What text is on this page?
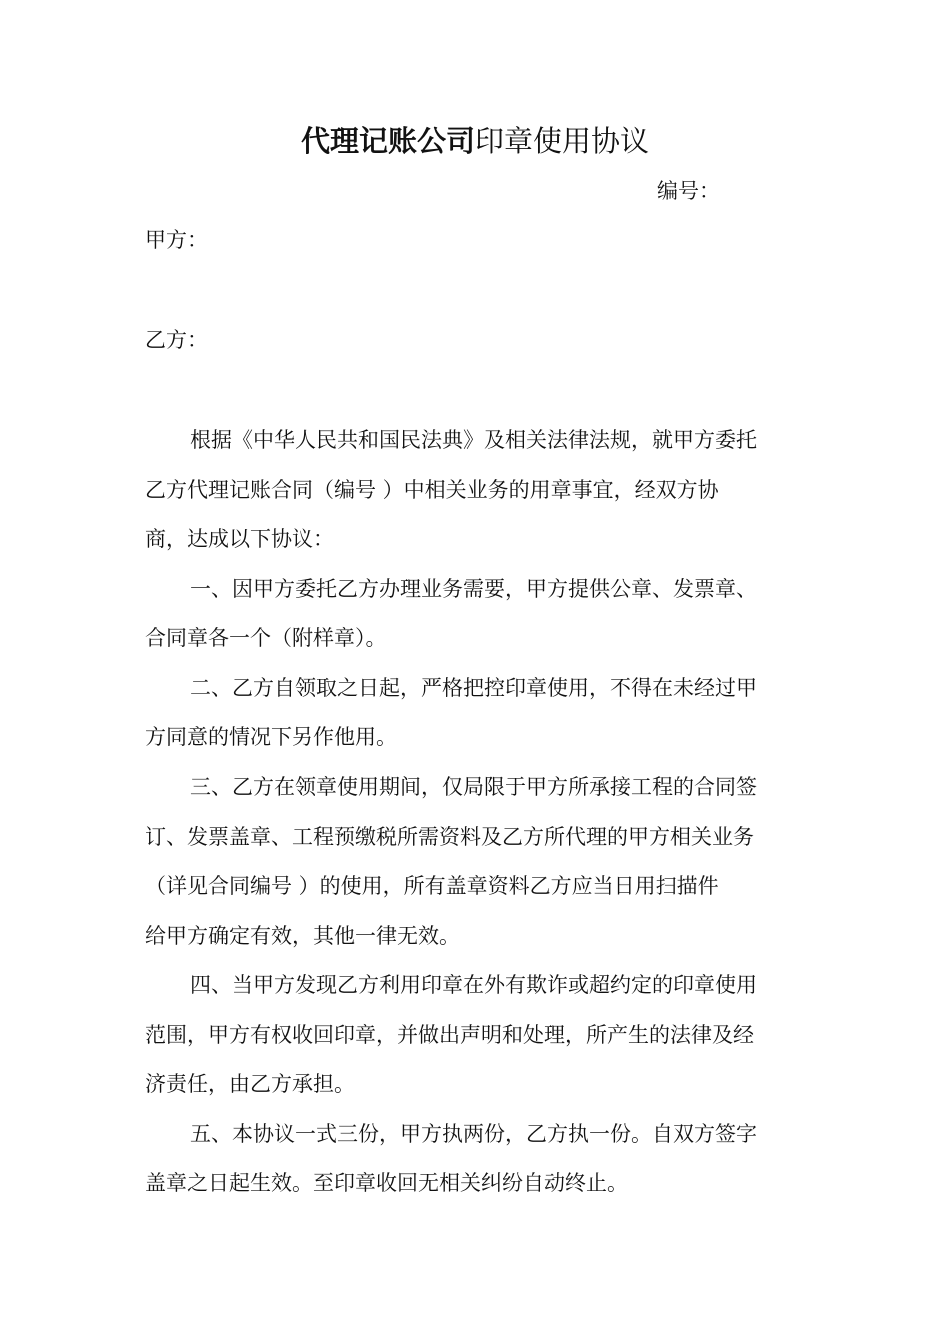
代理记账公司印章使用协议
编号：
甲方：
乙方：
根据《中华人民共和国民法典》及相关法律法规，就甲方委托
乙方代理记账合同（编号 ）中相关业务的用章事宜，经双方协
商，达成以下协议：
一、因甲方委托乙方办理业务需要，甲方提供公章、发票章、
合同章各一个（附样章）。
二、乙方自领取之日起，严格把控印章使用，不得在未经过甲
方同意的情况下另作他用。
三、乙方在领章使用期间，仅局限于甲方所承接工程的合同签
订、发票盖章、工程预缴税所需资料及乙方所代理的甲方相关业务
（详见合同编号 ）的使用，所有盖章资料乙方应当日用扫描件
给甲方确定有效，其他一律无效。
四、当甲方发现乙方利用印章在外有欺诈或超约定的印章使用
范围，甲方有权收回印章，并做出声明和处理，所产生的法律及经
济责任，由乙方承担。
五、本协议一式三份，甲方执两份，乙方执一份。自双方签字
盖章之日起生效。至印章收回无相关纠纷自动终止。
